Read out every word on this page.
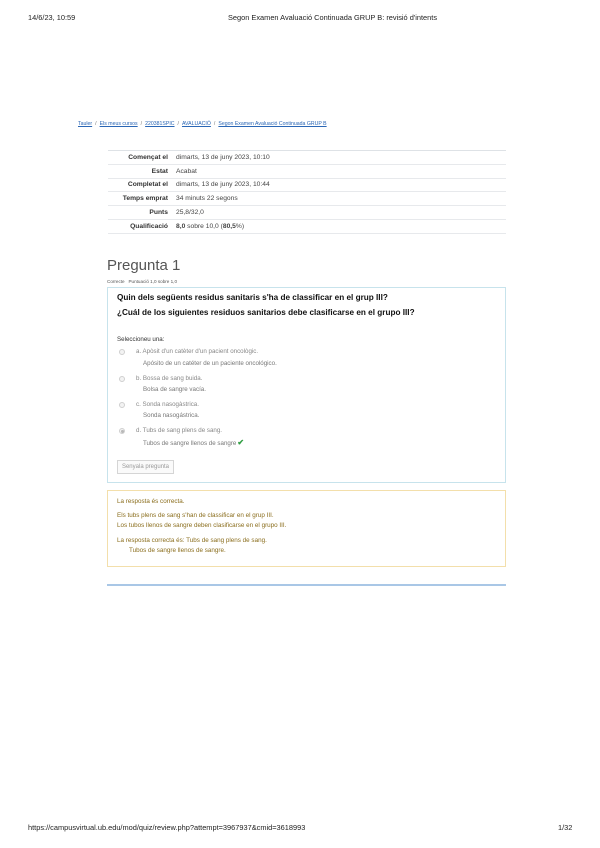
14/6/23, 10:59	Segon Examen Avaluació Continuada GRUP B: revisió d'intents
Tauler / Els meus cursos / 220381SPIC / AVALUACIÓ / Segon Examen Avaluació Continuada GRUP B
Començat el	dimarts, 13 de juny 2023, 10:10
Estat	Acabat
Completat el	dimarts, 13 de juny 2023, 10:44
Temps emprat	34 minuts 22 segons
Punts	25,8/32,0
Qualificació	8,0 sobre 10,0 (80,5%)
Pregunta 1
Correcte Puntuació 1,0 sobre 1,0
Quin dels següents residus sanitaris s'ha de classificar en el grup III?
¿Cuál de los siguientes residuos sanitarios debe clasificarse en el grupo III?
Seleccioneu una:
a. Apòsit d'un catèter d'un pacient oncològic.
Apósito de un catéter de un paciente oncológico.
b. Bossa de sang buida.
Bolsa de sangre vacía.
c. Sonda nasogàstrica.
Sonda nasogástrica.
d. Tubs de sang plens de sang.
Tubos de sangre llenos de sangre✔
Senyala pregunta
La resposta és correcta.
Els tubs plens de sang s'han de classificar en el grup III.
Los tubos llenos de sangre deben clasificarse en el grupo III.
La resposta correcta és: Tubs de sang plens de sang.
Tubos de sangre llenos de sangre.
https://campusvirtual.ub.edu/mod/quiz/review.php?attempt=3967937&cmid=3618993	1/32
